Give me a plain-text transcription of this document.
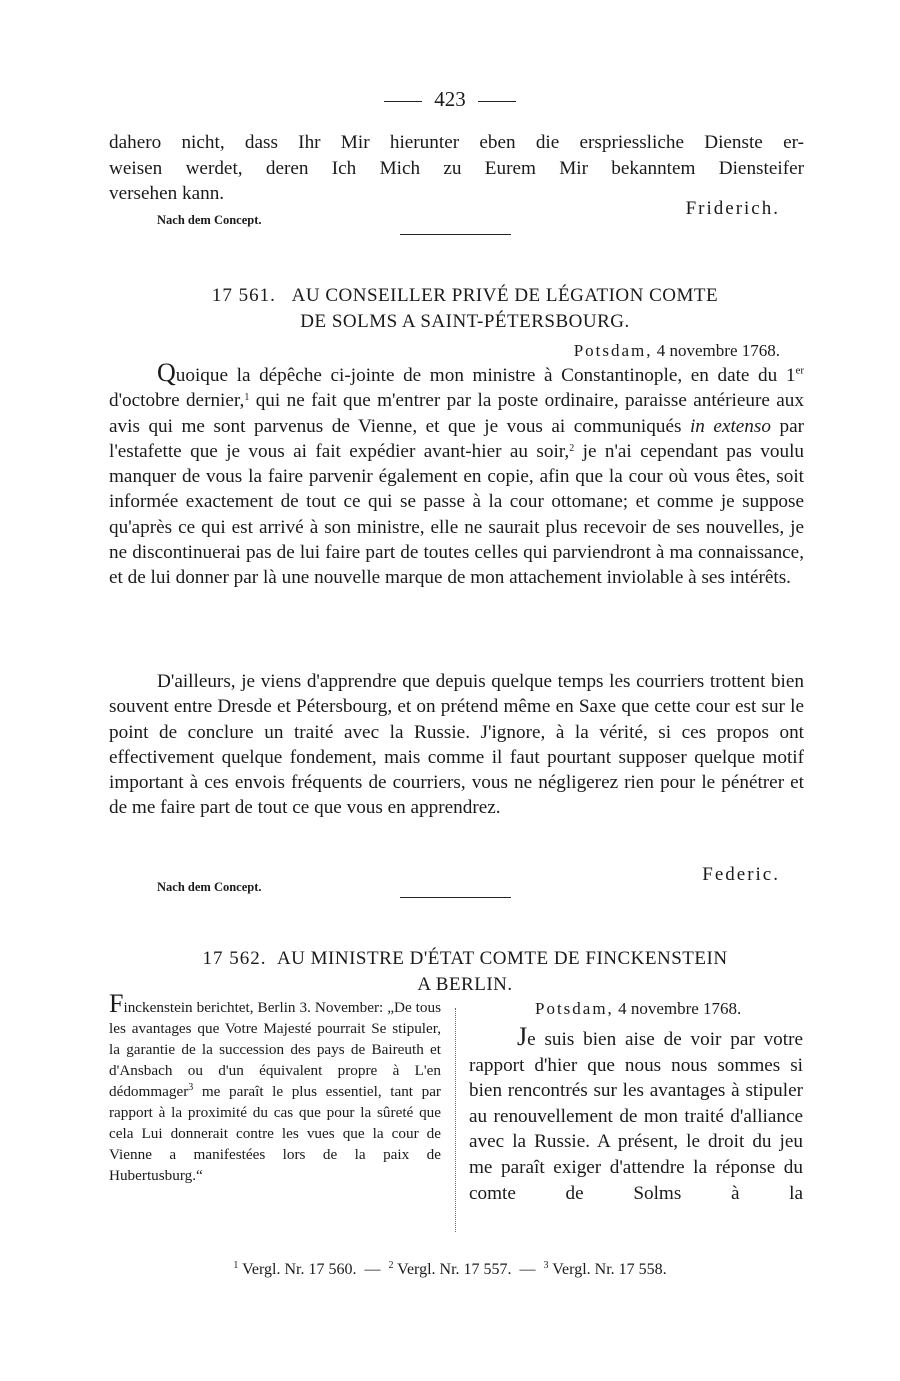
423

dahero nicht, dass Ihr Mir hierunter eben die erspriessliche Dienste er-

weisen werdet, deren Ich Mich zu Eurem Mir bekanntem Diensteifer

versehen kann.

Nach dem Concept.
Friderich.
17 561. AU CONSEILLER PRIVÉ DE LÉGATION COMTE
DE SOLMS A SAINT-PÉTERSBOURG.
Potsdam, 4 novembre 1768.

Quoique la dépêche ci-jointe de mon ministre à Constantinople, en date du 1er d'octobre dernier,$^1$ qui ne fait que m'entrer par la poste ordinaire, paraisse antérieure aux avis qui me sont parvenus de Vienne, et que je vous ai communiqués in extenso par l'estafette que je vous ai fait expédier avant-hier au soir,$^2$ je n'ai cependant pas voulu manquer de vous la faire parvenir également en copie, afin que la cour où vous êtes, soit informée exactement de tout ce qui se passe à la cour ottomane; et comme je suppose qu'après ce qui est arrivé à son ministre, elle ne saurait plus recevoir de ses nouvelles, je ne discontinuerai pas de lui faire part de toutes celles qui parviendront à ma connaissance, et de lui donner par là une nouvelle marque de mon attachement inviolable à ses intérêts.

D'ailleurs, je viens d'apprendre que depuis quelque temps les courriers trottent bien souvent entre Dresde et Pétersbourg, et on prétend même en Saxe que cette cour est sur le point de conclure un traité avec la Russie. J'ignore, à la vérité, si ces propos ont effectivement quelque fondement, mais comme il faut pourtant supposer quelque motif important à ces envois fréquents de courriers, vous ne négligerez rien pour le pénétrer et de me faire part de tout ce que vous en apprendrez.

Nach dem Concept.
Federic.
17 562. AU MINISTRE D'ÉTAT COMTE DE FINCKENSTEIN
A BERLIN.

Finckenstein berichtet, Berlin 3. November: „De tous les avantages que Votre Majesté pourrait Se stipuler, la garantie de la succession des pays de Baireuth et d'Ansbach ou d'un équivalent propre à L'en dédommager$^3$ me paraît le plus essentiel, tant par rapport à la proximité du cas que pour la sûreté que cela Lui donnerait contre les vues que la cour de Vienne a manifestées lors de la paix de Hubertusburg.“

Potsdam, 4 novembre 1768.

Je suis bien aise de voir par votre rapport d'hier que nous nous sommes si bien rencontrés sur les avantages à stipuler au renouvellement de mon traité d'alliance avec la Russie. A présent, le droit du jeu me paraît exiger d'attendre la réponse du comte de Solms à la

$^1$ Vergl. Nr. 17 560. — $^2$ Vergl. Nr. 17 557. — $^3$ Vergl. Nr. 17 558.
